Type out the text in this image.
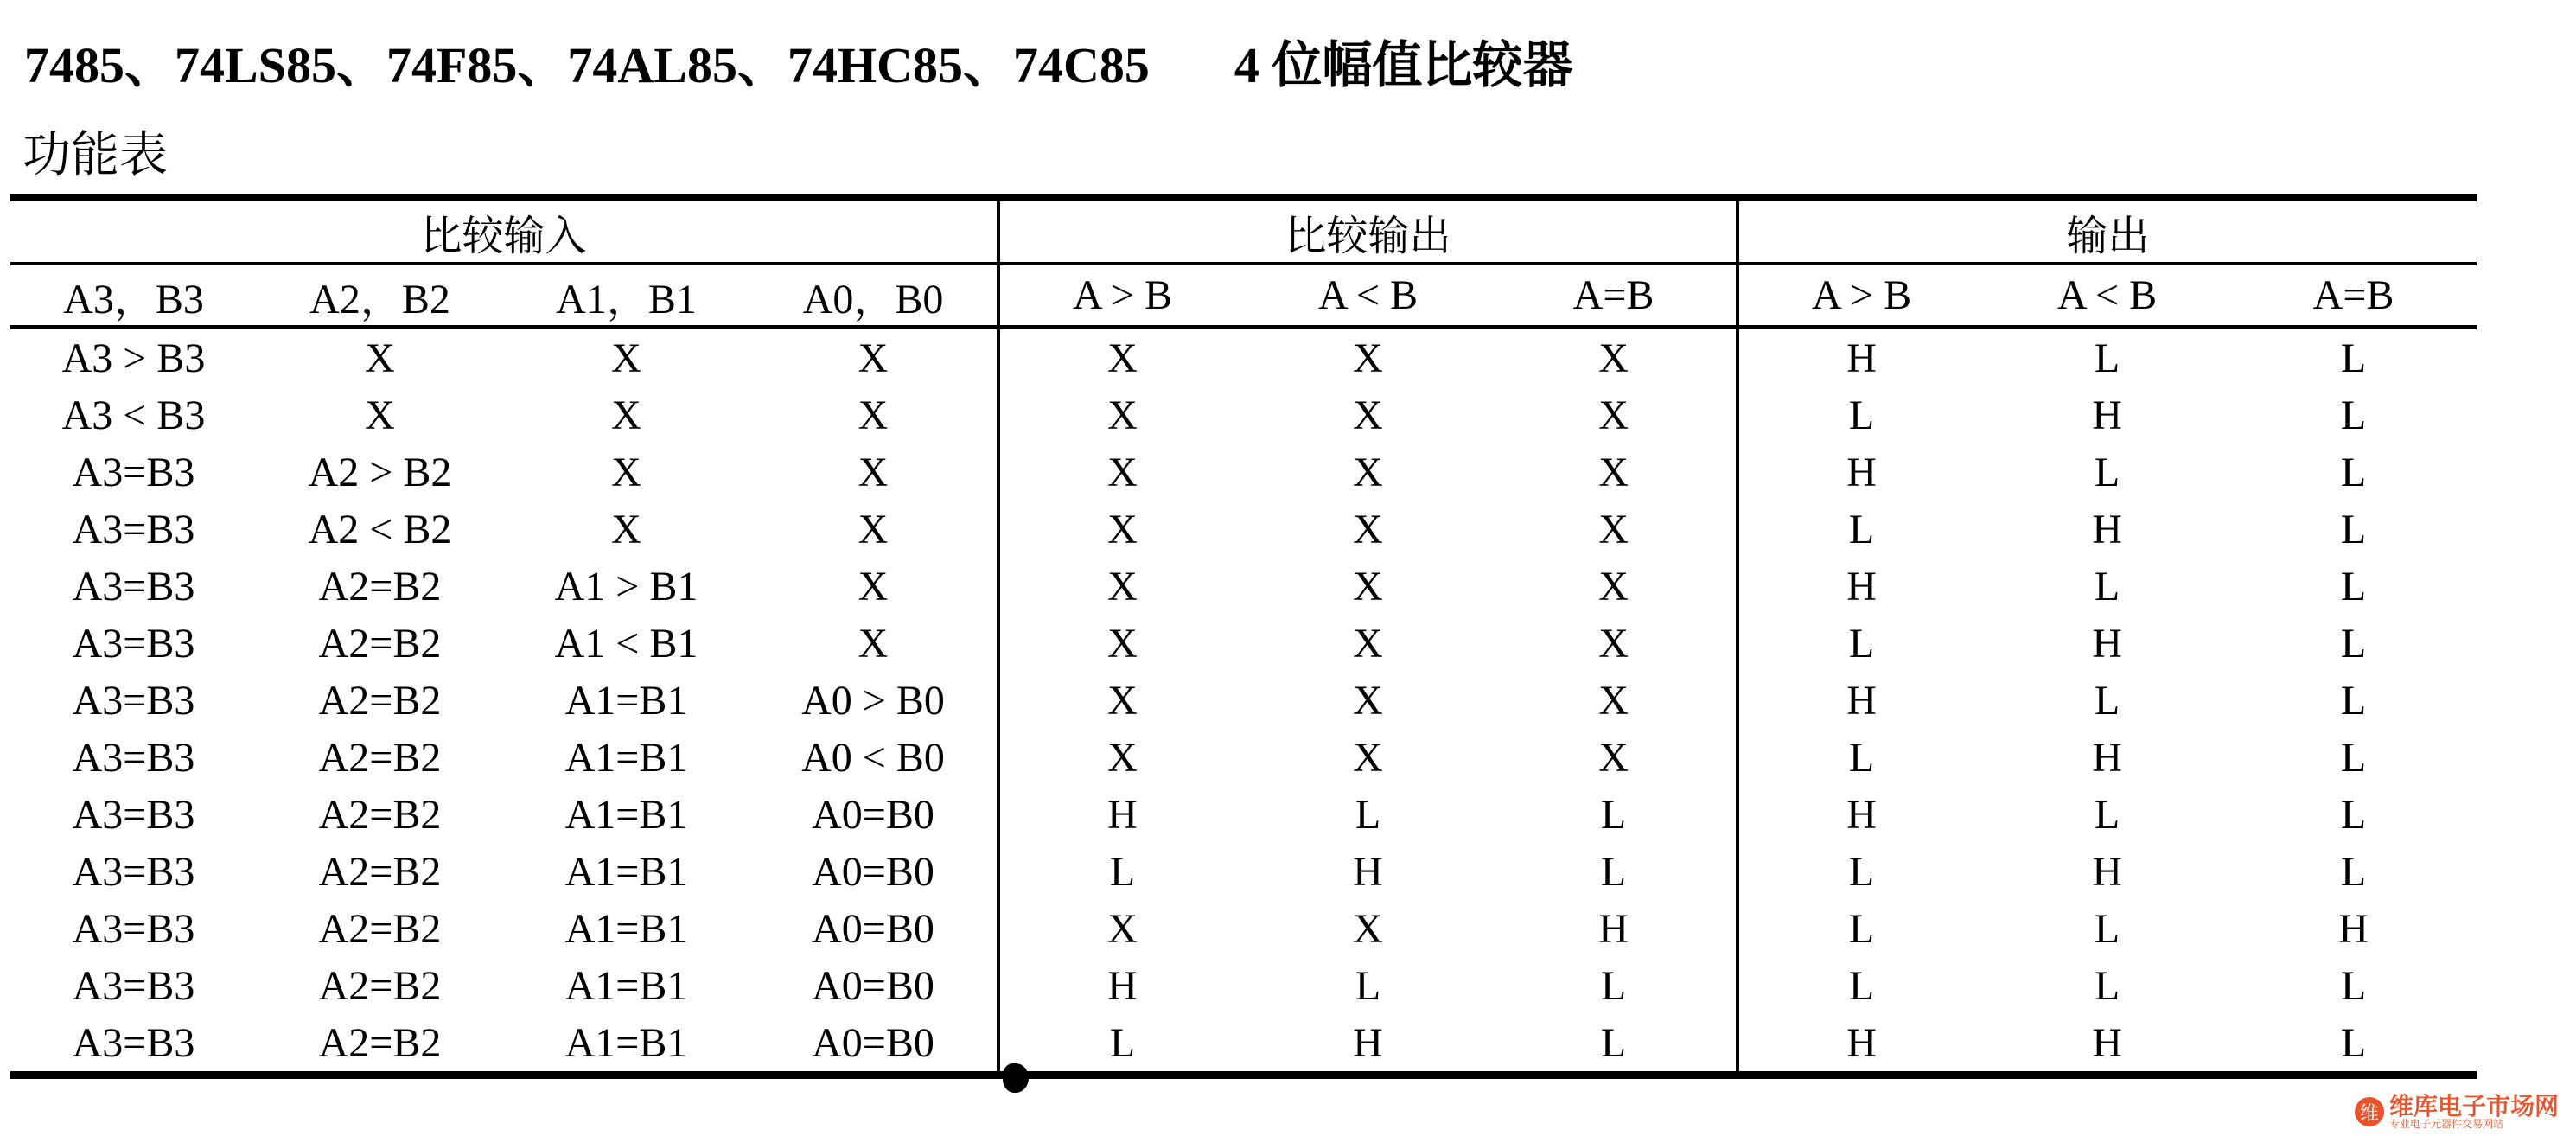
7485、74LS85、74F85、74AL85、74HC85、74C85 4 位幅值比较器
功能表
比较输入				比较输出			输出		
A3，B3	A2，B2	A1，B1	A0，B0	A > B	A < B	A=B	A > B	A < B	A=B
A3 > B3	X	X	X	X	X	X	H	L	L
A3 < B3	X	X	X	X	X	X	L	H	L
A3=B3	A2 > B2	X	X	X	X	X	H	L	L
A3=B3	A2 < B2	X	X	X	X	X	L	H	L
A3=B3	A2=B2	A1 > B1	X	X	X	X	H	L	L
A3=B3	A2=B2	A1 < B1	X	X	X	X	L	H	L
A3=B3	A2=B2	A1=B1	A0 > B0	X	X	X	H	L	L
A3=B3	A2=B2	A1=B1	A0 < B0	X	X	X	L	H	L
A3=B3	A2=B2	A1=B1	A0=B0	H	L	L	H	L	L
A3=B3	A2=B2	A1=B1	A0=B0	L	H	L	L	H	L
A3=B3	A2=B2	A1=B1	A0=B0	X	X	H	L	L	H
A3=B3	A2=B2	A1=B1	A0=B0	H	L	L	L	L	L
A3=B3	A2=B2	A1=B1	A0=B0	L	H	L	H	H	L
维 维库电子市场网
专业电子元器件交易网站
